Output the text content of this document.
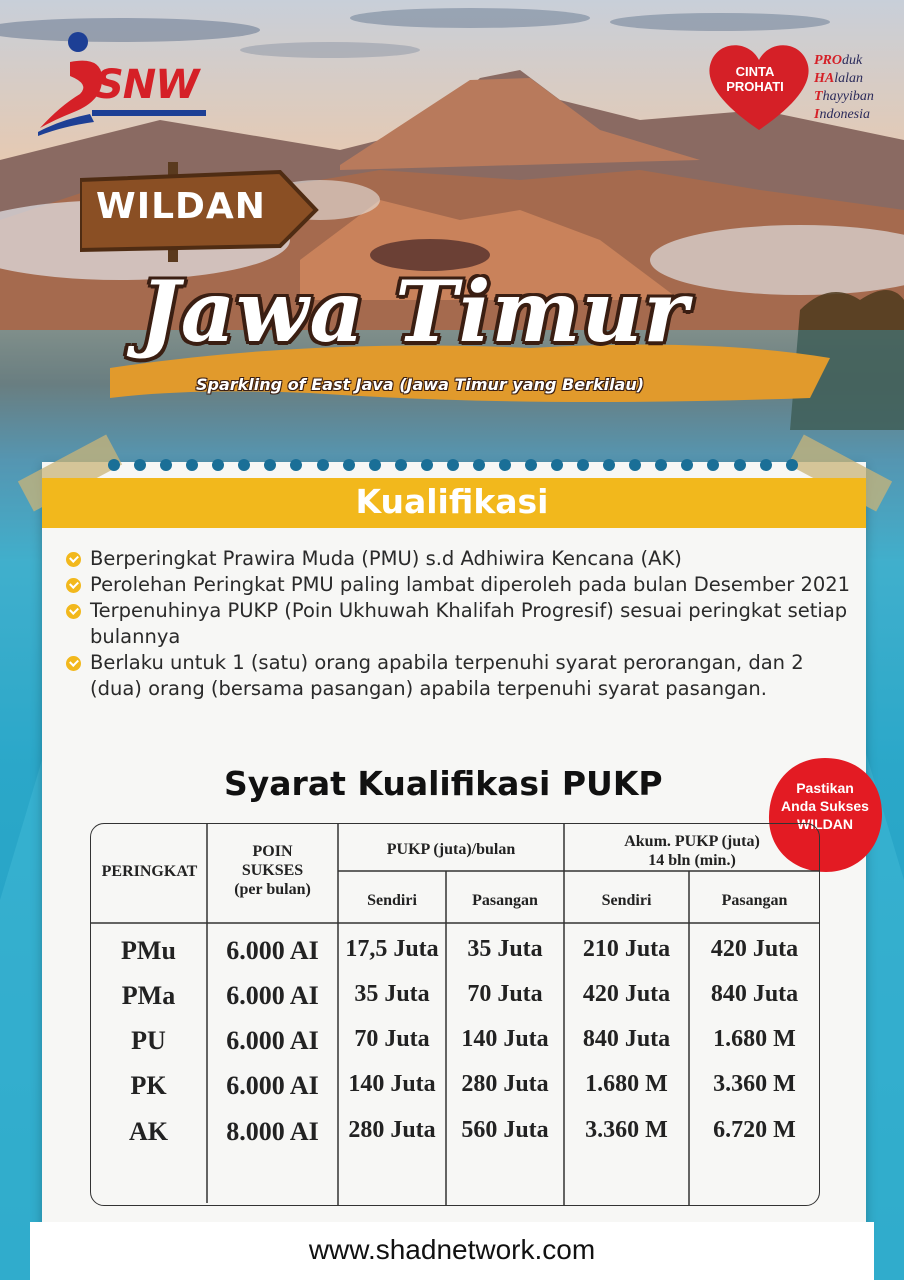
SNW	CINTA
PROHATI
PROduk
HAlalan
Thayyiban
Indonesia
WILDAN
Jawa Timur
Sparkling of East Java (Jawa Timur yang Berkilau)
Kualifikasi
Berperingkat Prawira Muda (PMU) s.d Adhiwira Kencana (AK)
Perolehan Peringkat PMU paling lambat diperoleh pada bulan Desember 2021
Terpenuhinya PUKP (Poin Ukhuwah Khalifah Progresif) sesuai peringkat setiap bulannya
Berlaku untuk 1 (satu) orang apabila terpenuhi syarat perorangan, dan 2 (dua) orang (bersama pasangan) apabila terpenuhi syarat pasangan.
Syarat Kualifikasi PUKP	Pastikan
Anda Sukses
WILDAN
PERINGKAT
POIN
SUKSES
(per bulan)
PUKP (juta)/bulan	Akum. PUKP (juta)
14 bln (min.)
Sendiri	Pasangan	Sendiri	Pasangan
PMu	6.000 AI	17,5 Juta	35 Juta	210 Juta	420 Juta
PMa	6.000 AI	35 Juta	70 Juta	420 Juta	840 Juta
PU	6.000 AI	70 Juta	140 Juta	840 Juta	1.680 M
PK	6.000 AI	140 Juta	280 Juta	1.680 M	3.360 M
AK	8.000 AI	280 Juta	560 Juta	3.360 M	6.720 M
www.shadnetwork.com
